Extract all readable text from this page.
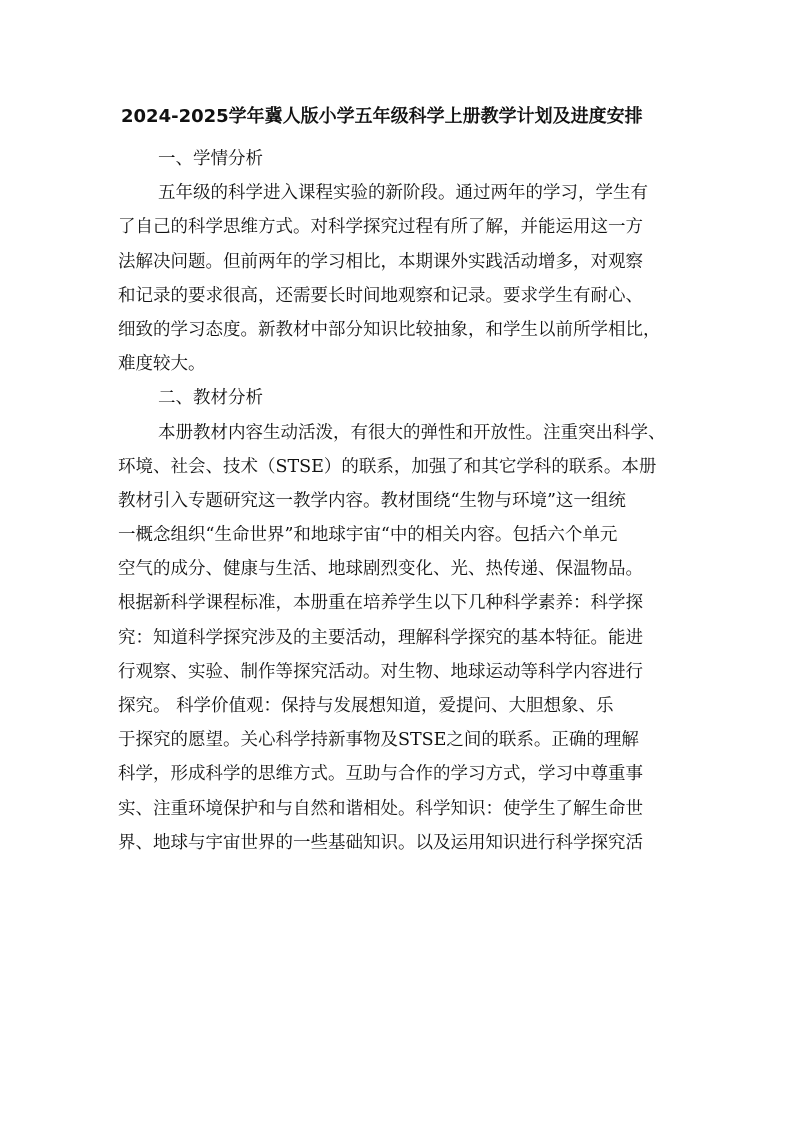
2024-2025学年冀人版小学五年级科学上册教学计划及进度安排
一、学情分析
五年级的科学进入课程实验的新阶段。通过两年的学习，学生有
了自己的科学思维方式。对科学探究过程有所了解，并能运用这一方
法解决问题。但前两年的学习相比，本期课外实践活动增多，对观察
和记录的要求很高，还需要长时间地观察和记录。要求学生有耐心、
细致的学习态度。新教材中部分知识比较抽象，和学生以前所学相比，
难度较大。
二、教材分析
本册教材内容生动活泼，有很大的弹性和开放性。注重突出科学、
环境、社会、技术（STSE）的联系，加强了和其它学科的联系。本册
教材引入专题研究这一教学内容。教材围绕“生物与环境”这一组统
一概念组织“生命世界”和地球宇宙“中的相关内容。包括六个单元
空气的成分、健康与生活、地球剧烈变化、光、热传递、保温物品。
根据新科学课程标准，本册重在培养学生以下几种科学素养：科学探
究：知道科学探究涉及的主要活动，理解科学探究的基本特征。能进
行观察、实验、制作等探究活动。对生物、地球运动等科学内容进行
探究。 科学价值观：保持与发展想知道，爱提问、大胆想象、乐
于探究的愿望。关心科学持新事物及STSE之间的联系。正确的理解
科学，形成科学的思维方式。互助与合作的学习方式，学习中尊重事
实、注重环境保护和与自然和谐相处。科学知识：使学生了解生命世
界、地球与宇宙世界的一些基础知识。以及运用知识进行科学探究活
